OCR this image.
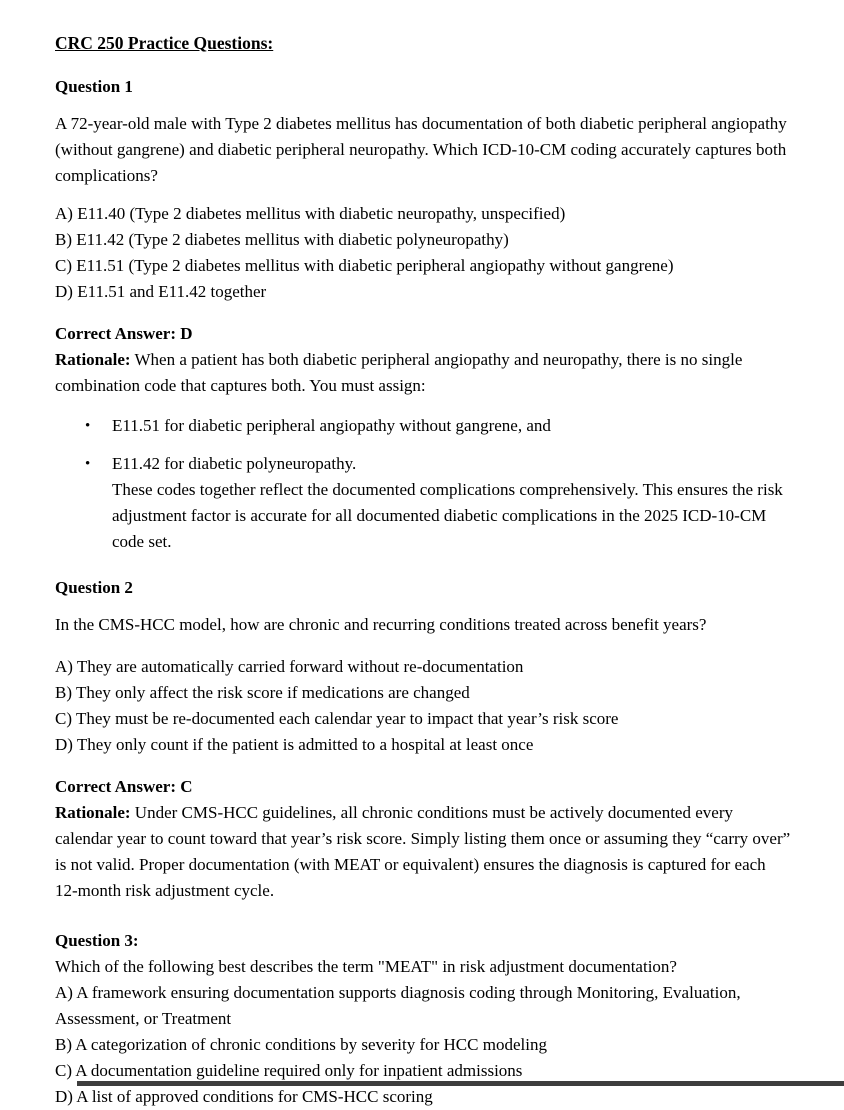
CRC 250 Practice Questions:
Question 1

A 72-year-old male with Type 2 diabetes mellitus has documentation of both diabetic peripheral angiopathy (without gangrene) and diabetic peripheral neuropathy. Which ICD-10-CM coding accurately captures both complications?

A) E11.40 (Type 2 diabetes mellitus with diabetic neuropathy, unspecified)
B) E11.42 (Type 2 diabetes mellitus with diabetic polyneuropathy)
C) E11.51 (Type 2 diabetes mellitus with diabetic peripheral angiopathy without gangrene)
D) E11.51 and E11.42 together

Correct Answer: D
Rationale: When a patient has both diabetic peripheral angiopathy and neuropathy, there is no single combination code that captures both. You must assign:

• E11.51 for diabetic peripheral angiopathy without gangrene, and
• E11.42 for diabetic polyneuropathy.
These codes together reflect the documented complications comprehensively. This ensures the risk adjustment factor is accurate for all documented diabetic complications in the 2025 ICD-10-CM code set.
Question 2

In the CMS-HCC model, how are chronic and recurring conditions treated across benefit years?

A) They are automatically carried forward without re-documentation
B) They only affect the risk score if medications are changed
C) They must be re-documented each calendar year to impact that year’s risk score
D) They only count if the patient is admitted to a hospital at least once

Correct Answer: C
Rationale: Under CMS-HCC guidelines, all chronic conditions must be actively documented every calendar year to count toward that year’s risk score. Simply listing them once or assuming they “carry over” is not valid. Proper documentation (with MEAT or equivalent) ensures the diagnosis is captured for each 12-month risk adjustment cycle.

Question 3:
Which of the following best describes the term "MEAT" in risk adjustment documentation?
A) A framework ensuring documentation supports diagnosis coding through Monitoring, Evaluation, Assessment, or Treatment
B) A categorization of chronic conditions by severity for HCC modeling
C) A documentation guideline required only for inpatient admissions
D) A list of approved conditions for CMS-HCC scoring
